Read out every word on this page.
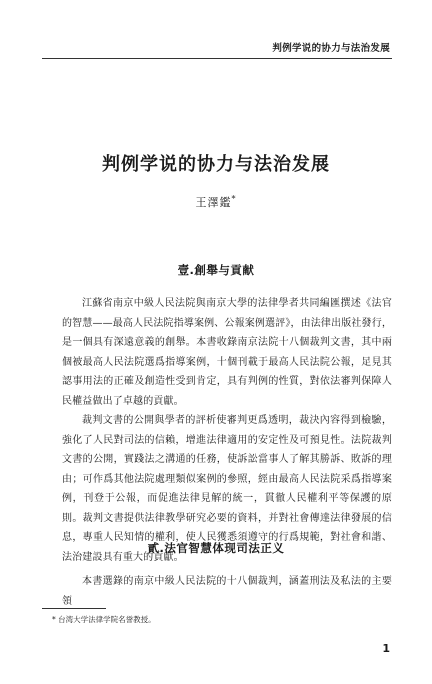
判例学说的协力与法治发展
判例学说的协力与法治发展
王澤鑑*
壹.創舉与貢献

江蘇省南京中級人民法院與南京大學的法律學者共同編匯撰述《法官的智慧——最高人民法院指導案例、公報案例選評》，由法律出版社發行，是一個具有深遠意義的創舉。本書收錄南京法院十八個裁判文書，其中兩個被最高人民法院選爲指導案例，十個刊載于最高人民法院公報，足見其認事用法的正確及創造性受到肯定，具有判例的性質，對依法審判保障人民權益做出了卓越的貢獻。

裁判文書的公開與學者的評析使審判更爲透明，裁決內容得到檢驗，強化了人民對司法的信賴，增進法律適用的安定性及可預見性。法院裁判文書的公開，實踐法之溝通的任務，使訴訟當事人了解其勝訴、敗訴的理由；可作爲其他法院處理類似案例的參照，經由最高人民法院采爲指導案例，刊登于公報，而促進法律見解的統一，貫徹人民權利平等保護的原則。裁判文書提供法律教學研究必要的資料，并對社會傳達法律發展的信息，專重人民知情的權利，使人民獲悉須遵守的行爲規範，對社會和諧、法治建設具有重大的貢獻。

貳.法官智慧体现司法正义

本書選錄的南京中級人民法院的十八個裁判，涵蓋刑法及私法的主要領

* 台湾大学法律学院名誉教授。
1
